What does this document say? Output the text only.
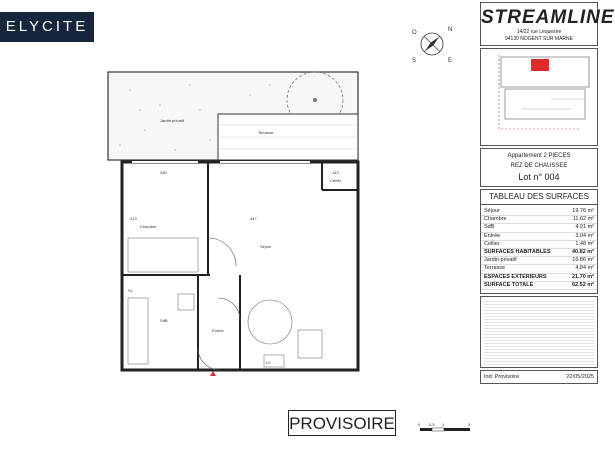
ELYCITE	O	N
S	E
Jardin privatif
Terrasse
Chambre
Séjour
Cellier
SdB
Entrée
SL
LV
280	142
413	447
STREAMLINE
14/22 rue Lequesne
94130 NOGENT SUR MARNE
Appartement 2 PIECES
REZ DE CHAUSSEE
Lot n° 004
TABLEAU DES SURFACES
Séjour	19.76 m²
Chambre	11.62 m²
SdB	4.91 m²
Entrée	3.04 m²
Cellier	1.48 m²
SURFACES HABITABLES	40.82 m²
Jardin privatif	16.86 m²
Terrasse	4.84 m²
ESPACES EXTERIEURS	21.70 m²
SURFACE TOTALE	62.52 m²
Ind: Provisoire	22/05/2025
PROVISOIRE	0 0.5 1	2
